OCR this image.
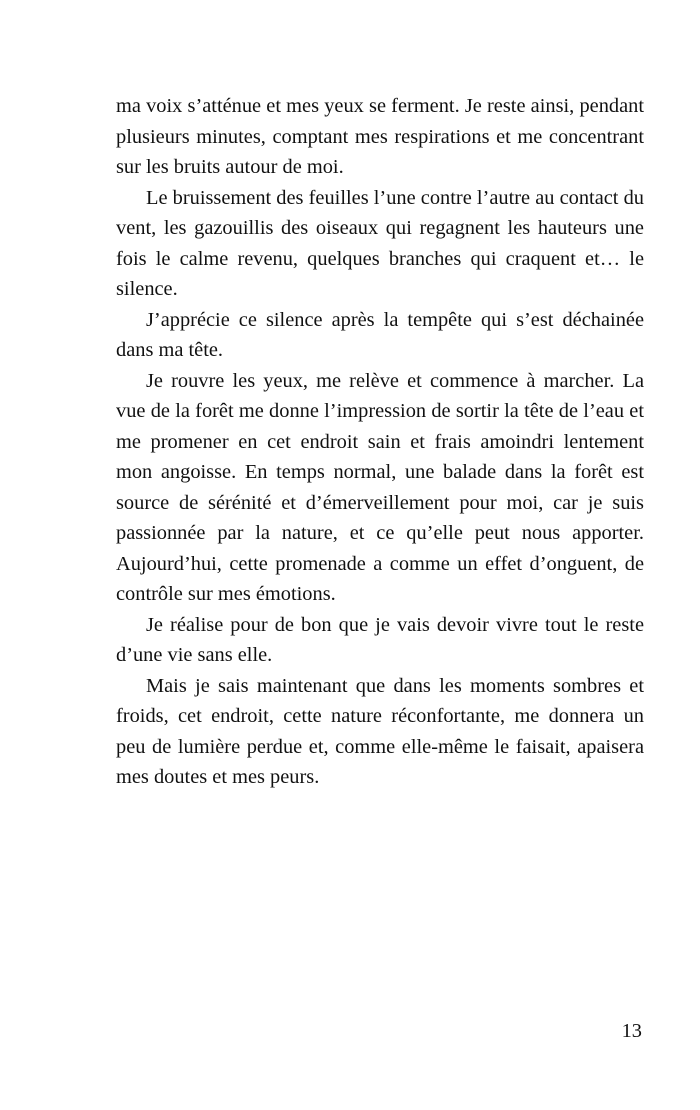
ma voix s’atténue et mes yeux se ferment. Je reste ainsi, pendant plusieurs minutes, comptant mes respirations et me concentrant sur les bruits autour de moi.

Le bruissement des feuilles l’une contre l’autre au contact du vent, les gazouillis des oiseaux qui regagnent les hauteurs une fois le calme revenu, quelques branches qui craquent et… le silence.

J’apprécie ce silence après la tempête qui s’est déchainée dans ma tête.

Je rouvre les yeux, me relève et commence à marcher. La vue de la forêt me donne l’impression de sortir la tête de l’eau et me promener en cet endroit sain et frais amoindri lentement mon angoisse. En temps normal, une balade dans la forêt est source de sérénité et d’émerveillement pour moi, car je suis passionnée par la nature, et ce qu’elle peut nous apporter. Aujourd’hui, cette promenade a comme un effet d’onguent, de contrôle sur mes émotions.

Je réalise pour de bon que je vais devoir vivre tout le reste d’une vie sans elle.

Mais je sais maintenant que dans les moments sombres et froids, cet endroit, cette nature réconfortante, me donnera un peu de lumière perdue et, comme elle-même le faisait, apaisera mes doutes et mes peurs.

13
